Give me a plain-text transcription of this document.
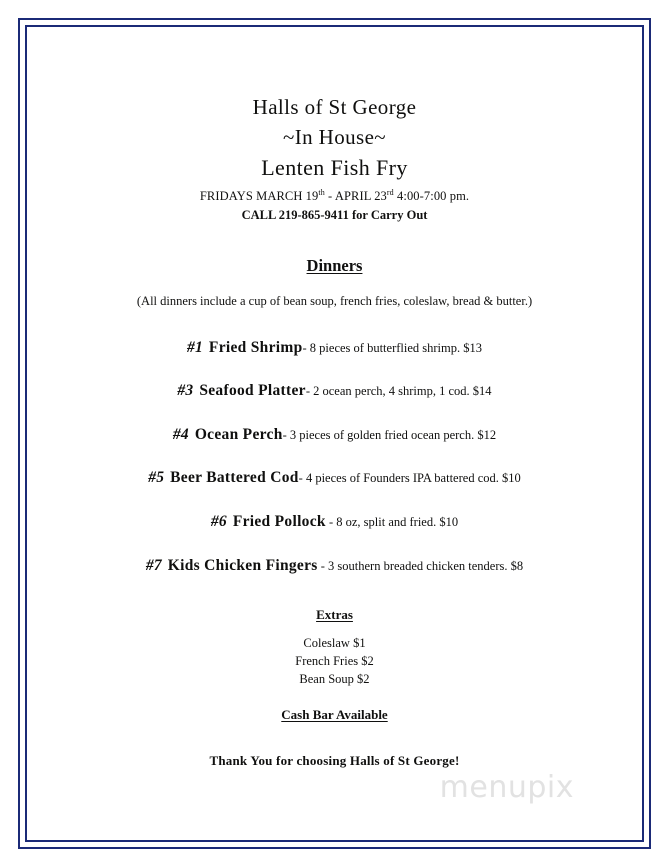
Halls of St George
~In House~
Lenten Fish Fry
FRIDAYS MARCH 19th - APRIL 23rd 4:00-7:00 pm.
CALL 219-865-9411 for Carry Out
Dinners
(All dinners include a cup of bean soup, french fries, coleslaw, bread & butter.)
#1 Fried Shrimp- 8 pieces of butterflied shrimp. $13
#3 Seafood Platter- 2 ocean perch, 4 shrimp, 1 cod. $14
#4 Ocean Perch- 3 pieces of golden fried ocean perch. $12
#5 Beer Battered Cod- 4 pieces of Founders IPA battered cod. $10
#6 Fried Pollock - 8 oz, split and fried. $10
#7 Kids Chicken Fingers - 3 southern breaded chicken tenders. $8
Extras
Coleslaw $1
French Fries $2
Bean Soup $2
Cash Bar Available
Thank You for choosing Halls of St George!
menupix
